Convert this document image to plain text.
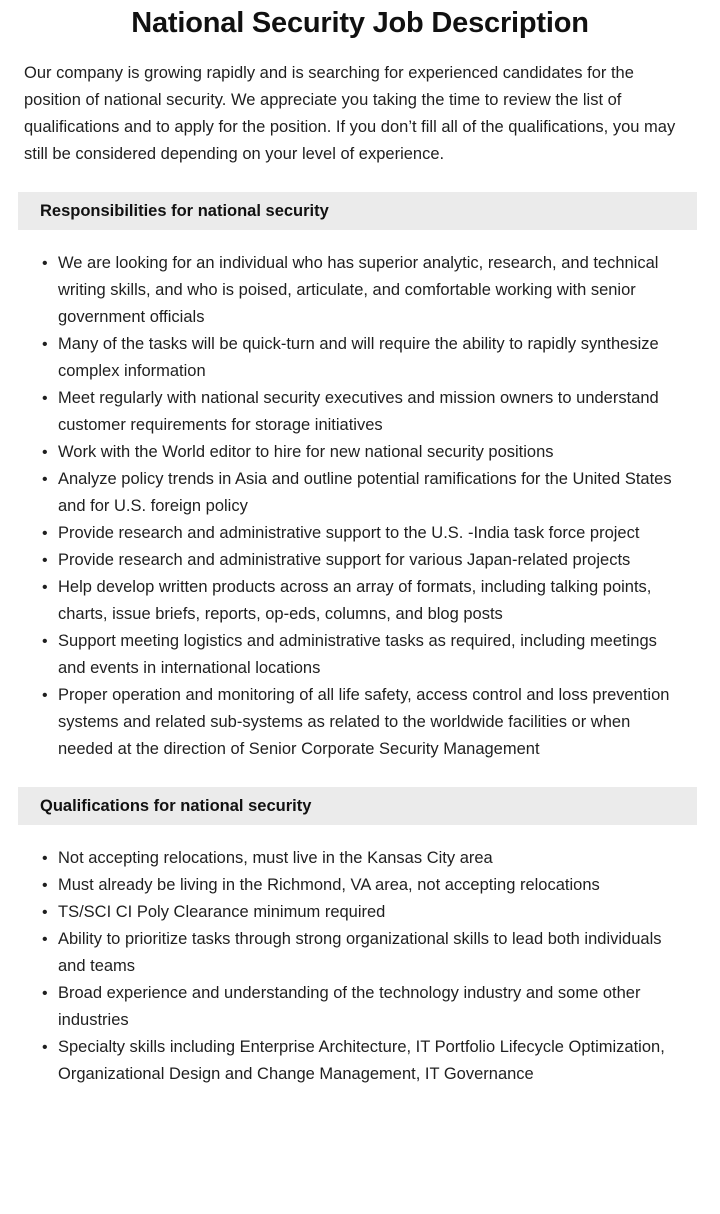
National Security Job Description

Our company is growing rapidly and is searching for experienced candidates for the position of national security. We appreciate you taking the time to review the list of qualifications and to apply for the position. If you don’t fill all of the qualifications, you may still be considered depending on your level of experience.

Responsibilities for national security
• We are looking for an individual who has superior analytic, research, and technical writing skills, and who is poised, articulate, and comfortable working with senior government officials
• Many of the tasks will be quick-turn and will require the ability to rapidly synthesize complex information
• Meet regularly with national security executives and mission owners to understand customer requirements for storage initiatives
• Work with the World editor to hire for new national security positions
• Analyze policy trends in Asia and outline potential ramifications for the United States and for U.S. foreign policy
• Provide research and administrative support to the U.S. -India task force project
• Provide research and administrative support for various Japan-related projects
• Help develop written products across an array of formats, including talking points, charts, issue briefs, reports, op-eds, columns, and blog posts
• Support meeting logistics and administrative tasks as required, including meetings and events in international locations
• Proper operation and monitoring of all life safety, access control and loss prevention systems and related sub-systems as related to the worldwide facilities or when needed at the direction of Senior Corporate Security Management
Qualifications for national security
• Not accepting relocations, must live in the Kansas City area
• Must already be living in the Richmond, VA area, not accepting relocations
• TS/SCI CI Poly Clearance minimum required
• Ability to prioritize tasks through strong organizational skills to lead both individuals and teams
• Broad experience and understanding of the technology industry and some other industries
• Specialty skills including Enterprise Architecture, IT Portfolio Lifecycle Optimization, Organizational Design and Change Management, IT Governance
